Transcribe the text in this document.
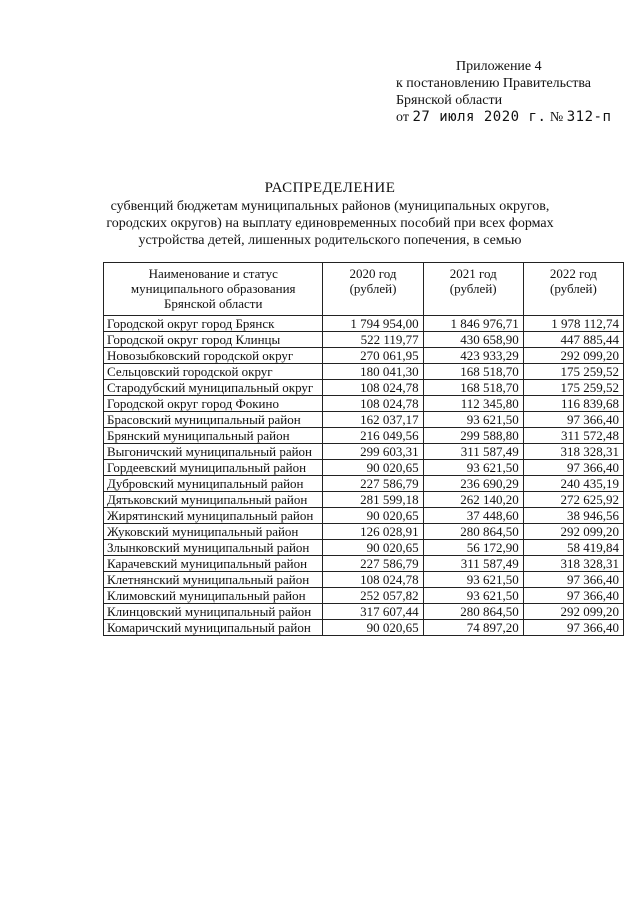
Приложение 4
к постановлению Правительства
Брянской области
от 27 июля 2020 г. № 312-п
РАСПРЕДЕЛЕНИЕ
субвенций бюджетам муниципальных районов (муниципальных округов,
городских округов) на выплату единовременных пособий при всех формах
устройства детей, лишенных родительского попечения, в семью
Наименование и статус муниципального образования Брянской области	2020 год (рублей)	2021 год (рублей)	2022 год (рублей)
Городской округ город Брянск	1 794 954,00	1 846 976,71	1 978 112,74
Городской округ город Клинцы	522 119,77	430 658,90	447 885,44
Новозыбковский городской округ	270 061,95	423 933,29	292 099,20
Сельцовский городской округ	180 041,30	168 518,70	175 259,52
Стародубский муниципальный округ	108 024,78	168 518,70	175 259,52
Городской округ город Фокино	108 024,78	112 345,80	116 839,68
Брасовский муниципальный район	162 037,17	93 621,50	97 366,40
Брянский муниципальный район	216 049,56	299 588,80	311 572,48
Выгоничский муниципальный район	299 603,31	311 587,49	318 328,31
Гордеевский муниципальный район	90 020,65	93 621,50	97 366,40
Дубровский муниципальный район	227 586,79	236 690,29	240 435,19
Дятьковский муниципальный район	281 599,18	262 140,20	272 625,92
Жирятинский муниципальный район	90 020,65	37 448,60	38 946,56
Жуковский муниципальный район	126 028,91	280 864,50	292 099,20
Злынковский муниципальный район	90 020,65	56 172,90	58 419,84
Карачевский муниципальный район	227 586,79	311 587,49	318 328,31
Клетнянский муниципальный район	108 024,78	93 621,50	97 366,40
Климовский муниципальный район	252 057,82	93 621,50	97 366,40
Клинцовский муниципальный район	317 607,44	280 864,50	292 099,20
Комаричский муниципальный район	90 020,65	74 897,20	97 366,40
